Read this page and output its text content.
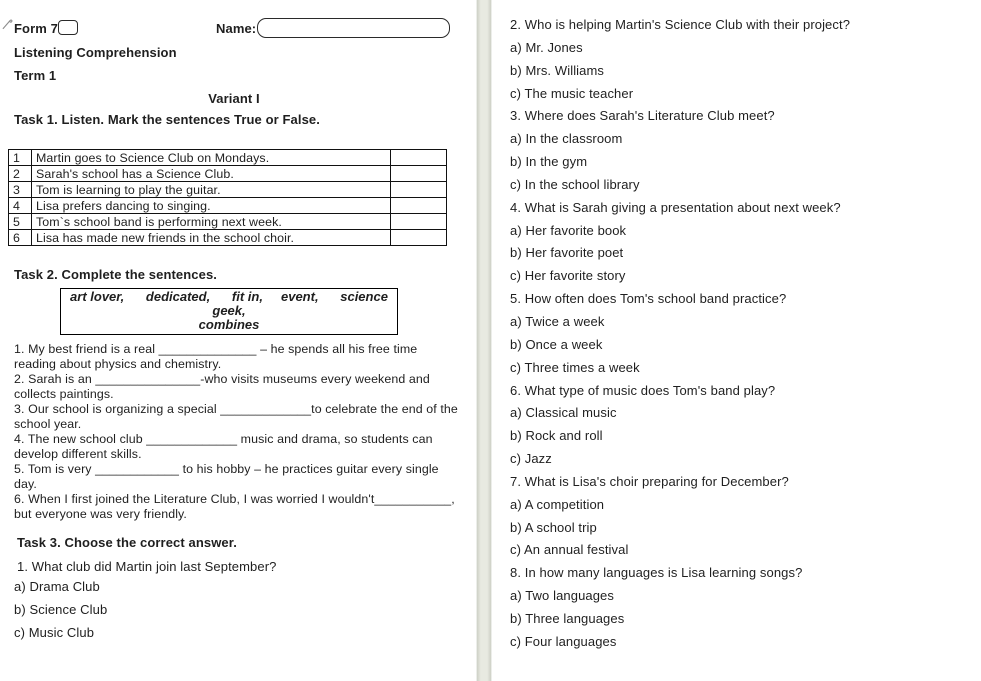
Form 7	Name:
Listening Comprehension
Term 1
Variant I
Task 1. Listen. Mark the sentences True or False.
1	Martin goes to Science Club on Mondays.	
2	Sarah's school has a Science Club.	
3	Tom is learning to play the guitar.	
4	Lisa prefers dancing to singing.	
5	Tom`s school band is performing next week.	
6	Lisa has made new friends in the school choir.	
Task 2. Complete the sentences.
art lover,      dedicated,      fit in,     event,      science geek,
combines

1. My best friend is a real ______________ – he spends all his free time reading about physics and chemistry.

2. Sarah is an _______________-who visits museums every weekend and collects paintings.

3. Our school is organizing a special _____________to celebrate the end of the school year.

4. The new school club _____________ music and drama, so students can develop different skills.

5. Tom is very ____________ to his hobby – he practices guitar every single day.

6. When I first joined the Literature Club, I was worried I wouldn't___________, but everyone was very friendly.

Task 3. Choose the correct answer.
1. What club did Martin join last September?
a) Drama Club
b) Science Club
c) Music Club
2. Who is helping Martin's Science Club with their project?
a) Mr. Jones
b) Mrs. Williams
c) The music teacher
3. Where does Sarah's Literature Club meet?
a) In the classroom
b) In the gym
c) In the school library
4. What is Sarah giving a presentation about next week?
a) Her favorite book
b) Her favorite poet
c) Her favorite story
5. How often does Tom's school band practice?
a) Twice a week
b) Once a week
c) Three times a week
6. What type of music does Tom's band play?
a) Classical music
b) Rock and roll
c) Jazz
7. What is Lisa's choir preparing for December?
a) A competition
b) A school trip
c) An annual festival
8. In how many languages is Lisa learning songs?
a) Two languages
b) Three languages
c) Four languages
